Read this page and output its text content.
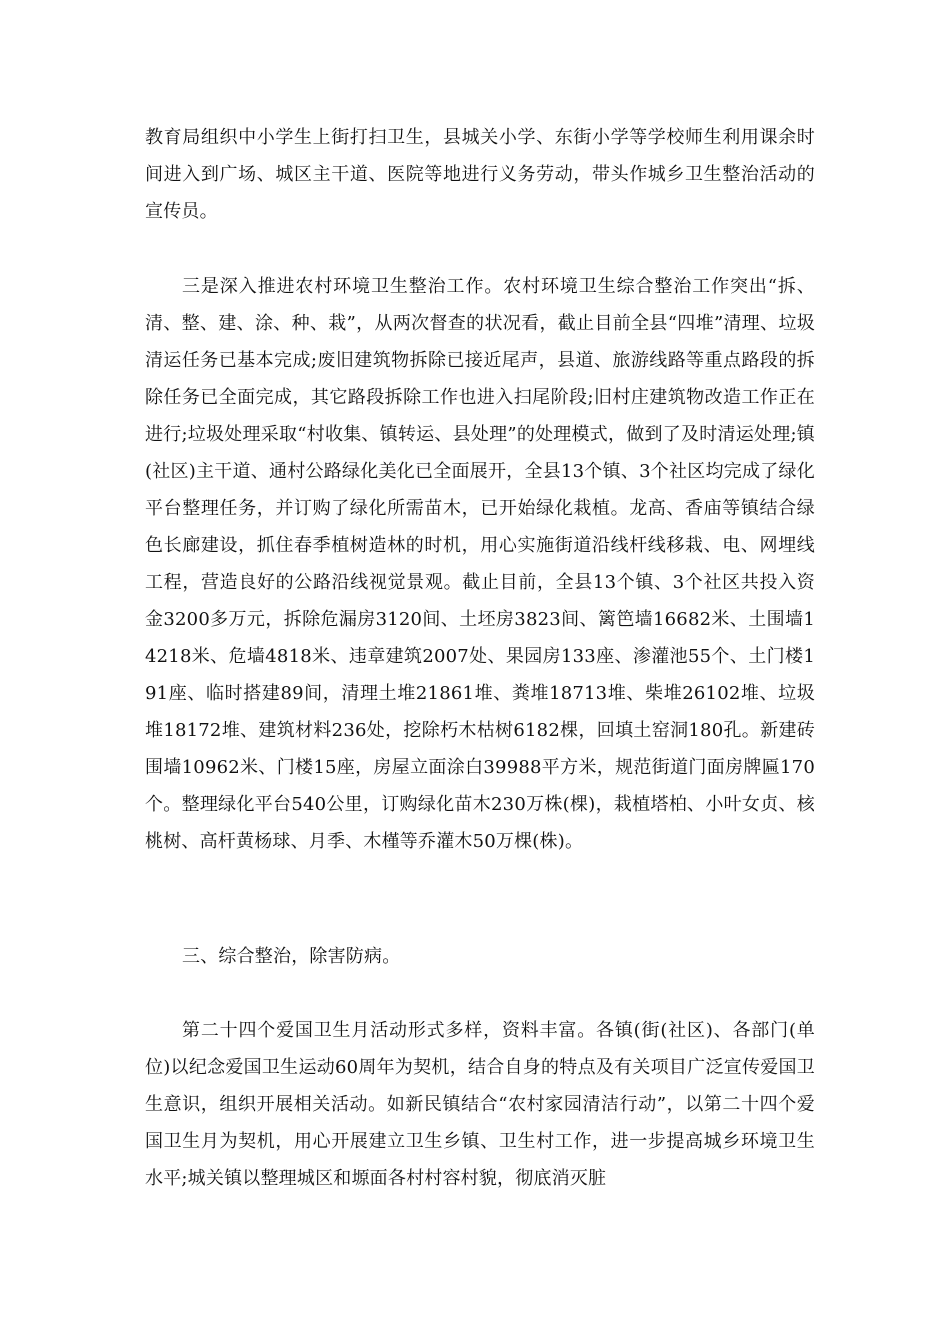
教育局组织中小学生上街打扫卫生，县城关小学、东街小学等学校师生利用课余时间进入到广场、城区主干道、医院等地进行义务劳动，带头作城乡卫生整治活动的宣传员。

三是深入推进农村环境卫生整治工作。农村环境卫生综合整治工作突出“拆、清、整、建、涂、种、栽”，从两次督查的状况看，截止目前全县“四堆”清理、垃圾清运任务已基本完成;废旧建筑物拆除已接近尾声，县道、旅游线路等重点路段的拆除任务已全面完成，其它路段拆除工作也进入扫尾阶段;旧村庄建筑物改造工作正在进行;垃圾处理采取“村收集、镇转运、县处理”的处理模式，做到了及时清运处理;镇(社区)主干道、通村公路绿化美化已全面展开，全县13个镇、3个社区均完成了绿化平台整理任务，并订购了绿化所需苗木，已开始绿化栽植。龙高、香庙等镇结合绿色长廊建设，抓住春季植树造林的时机，用心实施街道沿线杆线移栽、电、网埋线工程，营造良好的公路沿线视觉景观。截止目前，全县13个镇、3个社区共投入资金3200多万元，拆除危漏房3120间、土坯房3823间、篱笆墙16682米、土围墙14218米、危墙4818米、违章建筑2007处、果园房133座、渗灌池55个、土门楼191座、临时搭建89间，清理土堆21861堆、粪堆18713堆、柴堆26102堆、垃圾堆18172堆、建筑材料236处，挖除朽木枯树6182棵，回填土窑洞180孔。新建砖围墙10962米、门楼15座，房屋立面涂白39988平方米，规范街道门面房牌匾170个。整理绿化平台540公里，订购绿化苗木230万株(棵)，栽植塔柏、小叶女贞、核桃树、高杆黄杨球、月季、木槿等乔灌木50万棵(株)。

三、综合整治，除害防病。

第二十四个爱国卫生月活动形式多样，资料丰富。各镇(街(社区)、各部门(单位)以纪念爱国卫生运动60周年为契机，结合自身的特点及有关项目广泛宣传爱国卫生意识，组织开展相关活动。如新民镇结合“农村家园清洁行动”，以第二十四个爱国卫生月为契机，用心开展建立卫生乡镇、卫生村工作，进一步提高城乡环境卫生水平;城关镇以整理城区和塬面各村村容村貌，彻底消灭脏
